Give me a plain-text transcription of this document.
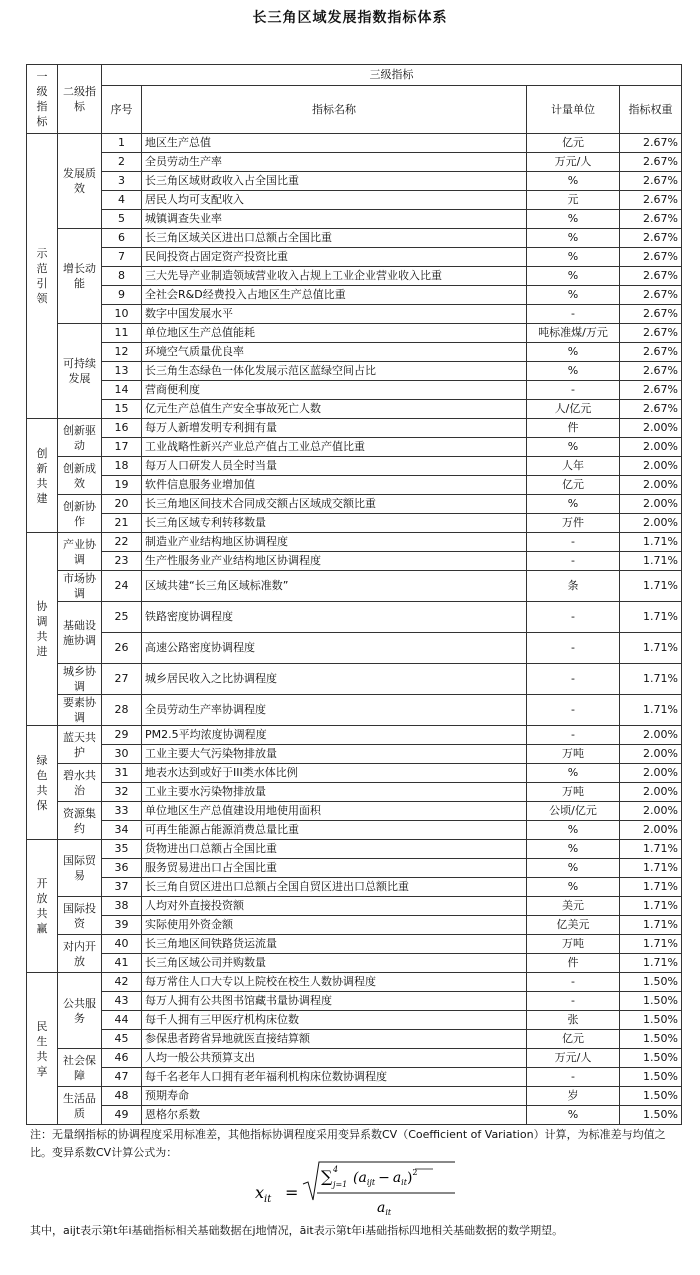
长三角区域发展指数指标体系
一
级
指
标	二级指标	三级指标			
		序号	指标名称	计量单位	指标权重

示
范
引
领	发展质效	1	地区生产总值	亿元	2.67%
		2	全员劳动生产率	万元/人	2.67%
		3	长三角区域财政收入占全国比重	%	2.67%
		4	居民人均可支配收入	元	2.67%
		5	城镇调查失业率	%	2.67%
	增长动能	6	长三角区域关区进出口总额占全国比重	%	2.67%
		7	民间投资占固定资产投资比重	%	2.67%
		8	三大先导产业制造领域营业收入占规上工业企业营业收入比重	%	2.67%
		9	全社会R&D经费投入占地区生产总值比重	%	2.67%
		10	数字中国发展水平	-	2.67%
	可持续发展	11	单位地区生产总值能耗	吨标准煤/万元	2.67%
		12	环境空气质量优良率	%	2.67%
		13	长三角生态绿色一体化发展示范区蓝绿空间占比	%	2.67%
		14	营商便利度	-	2.67%
		15	亿元生产总值生产安全事故死亡人数	人/亿元	2.67%

创
新
共
建	创新驱动	16	每万人新增发明专利拥有量	件	2.00%
		17	工业战略性新兴产业总产值占工业总产值比重	%	2.00%
	创新成效	18	每万人口研发人员全时当量	人年	2.00%
		19	软件信息服务业增加值	亿元	2.00%
	创新协作	20	长三角地区间技术合同成交额占区域成交额比重	%	2.00%
		21	长三角区域专利转移数量	万件	2.00%

协
调
共
进	产业协调	22	制造业产业结构地区协调程度	-	1.71%
		23	生产性服务业产业结构地区协调程度	-	1.71%
	市场协调	24	区域共建“长三角区域标准数”	条	1.71%
	基础设施协调	25	铁路密度协调程度	-	1.71%
		26	高速公路密度协调程度	-	1.71%
	城乡协调	27	城乡居民收入之比协调程度	-	1.71%
	要素协调	28	全员劳动生产率协调程度	-	1.71%

绿
色
共
保	蓝天共护	29	PM2.5平均浓度协调程度	-	2.00%
		30	工业主要大气污染物排放量	万吨	2.00%
	碧水共治	31	地表水达到或好于III类水体比例	%	2.00%
		32	工业主要水污染物排放量	万吨	2.00%
	资源集约	33	单位地区生产总值建设用地使用面积	公顷/亿元	2.00%
		34	可再生能源占能源消费总量比重	%	2.00%

开
放
共
赢	国际贸易	35	货物进出口总额占全国比重	%	1.71%
		36	服务贸易进出口占全国比重	%	1.71%
		37	长三角自贸区进出口总额占全国自贸区进出口总额比重	%	1.71%
	国际投资	38	人均对外直接投资额	美元	1.71%
		39	实际使用外资金额	亿美元	1.71%
	对内开放	40	长三角地区间铁路货运流量	万吨	1.71%
		41	长三角区域公司并购数量	件	1.71%

民
生
共
享	公共服务	42	每万常住人口大专以上院校在校生人数协调程度	-	1.50%
		43	每万人拥有公共图书馆藏书量协调程度	-	1.50%
		44	每千人拥有三甲医疗机构床位数	张	1.50%
		45	参保患者跨省异地就医直接结算额	亿元	1.50%
	社会保障	46	人均一般公共预算支出	万元/人	1.50%
		47	每千名老年人口拥有老年福利机构床位数协调程度	-	1.50%
	生活品质	48	预期寿命	岁	1.50%
		49	恩格尔系数	%	1.50%
注：无量纲指标的协调程度采用标准差，其他指标协调程度采用变异系数CV（Coefficient of Variation）计算，为标准差与均值之比。变异系数CV计算公式为：
$x_{it}$ =
∑ 4
j=1 $(a_{ijt} - a_{it})^2$
$a_{it}$
其中，aijt表示第t年i基础指标相关基础数据在j地情况，āit表示第t年i基础指标四地相关基础数据的数学期望。
